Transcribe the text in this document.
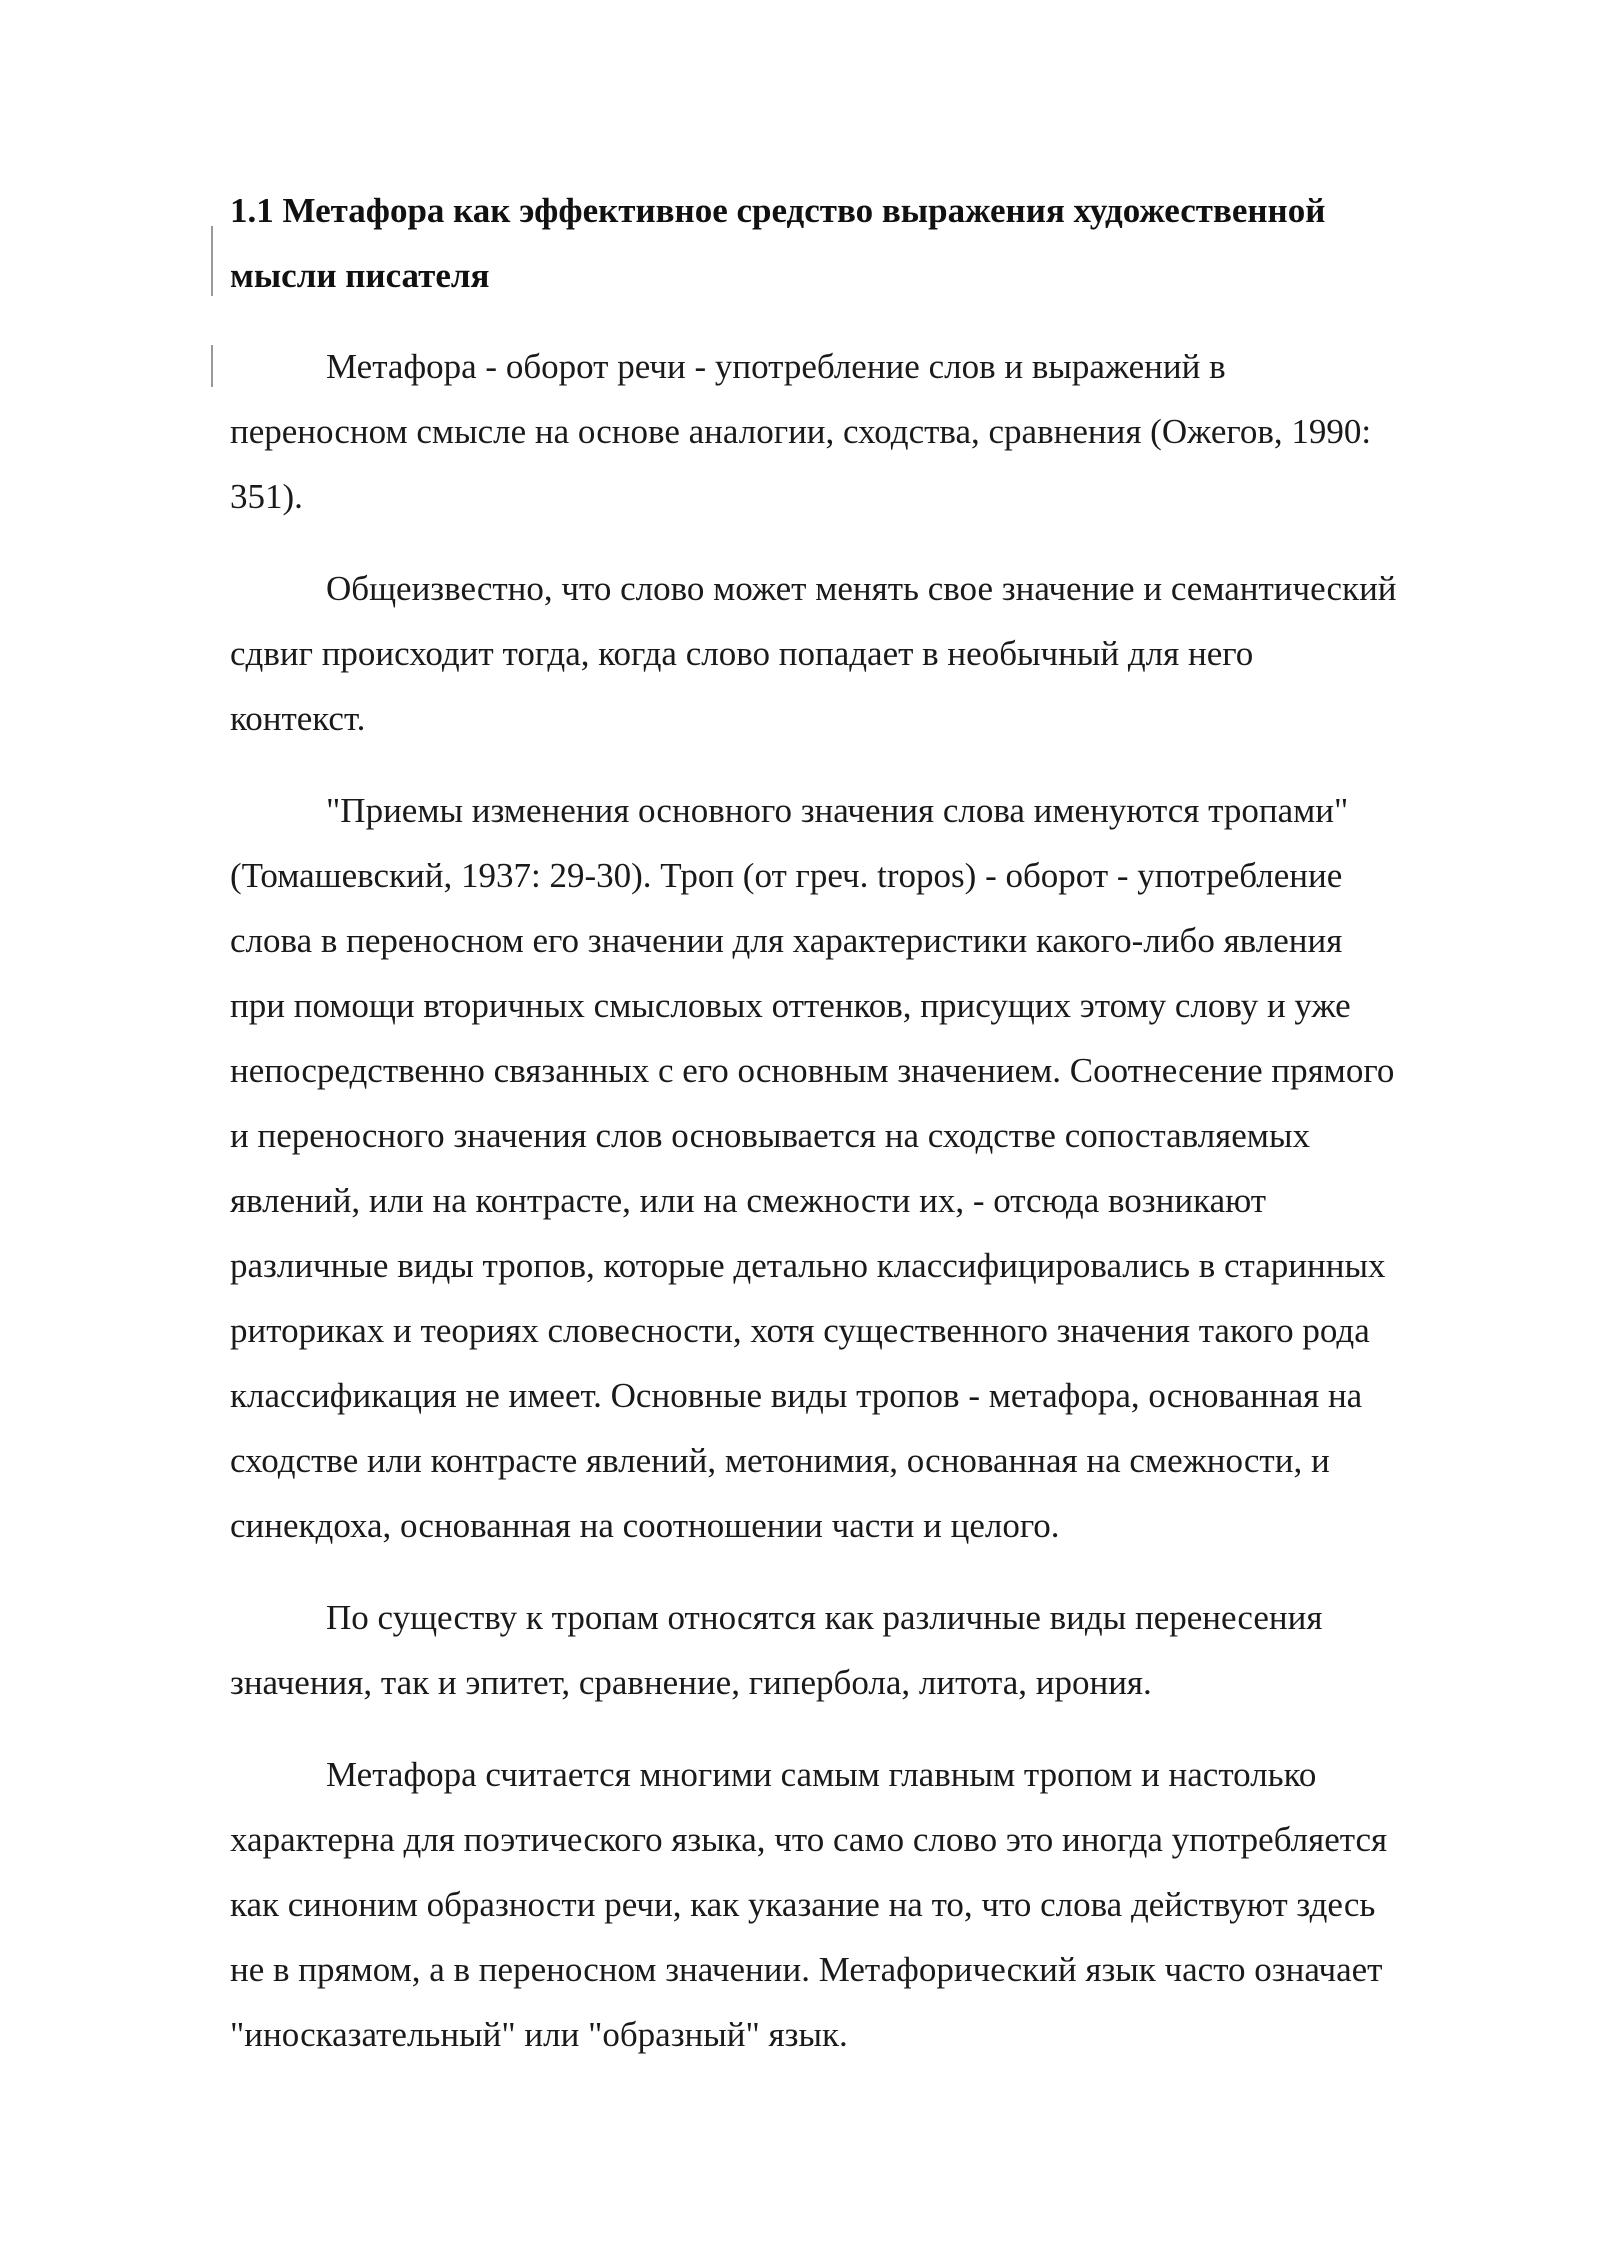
1.1 Метафора как эффективное средство выражения художественной
мысли писателя

Метафора - оборот речи - употребление слов и выражений в
переносном смысле на основе аналогии, сходства, сравнения (Ожегов, 1990:
351).

Общеизвестно, что слово может менять свое значение и семантический
сдвиг происходит тогда, когда слово попадает в необычный для него
контекст.

"Приемы изменения основного значения слова именуются тропами"
(Томашевский, 1937: 29-30). Троп (от греч. tropos) - оборот - употребление
слова в переносном его значении для характеристики какого-либо явления
при помощи вторичных смысловых оттенков, присущих этому слову и уже
непосредственно связанных с его основным значением. Соотнесение прямого
и переносного значения слов основывается на сходстве сопоставляемых
явлений, или на контрасте, или на смежности их, - отсюда возникают
различные виды тропов, которые детально классифицировались в старинных
риториках и теориях словесности, хотя существенного значения такого рода
классификация не имеет. Основные виды тропов - метафора, основанная на
сходстве или контрасте явлений, метонимия, основанная на смежности, и
синекдоха, основанная на соотношении части и целого.

По существу к тропам относятся как различные виды перенесения
значения, так и эпитет, сравнение, гипербола, литота, ирония.

Метафора считается многими самым главным тропом и настолько
характерна для поэтического языка, что само слово это иногда употребляется
как синоним образности речи, как указание на то, что слова действуют здесь
не в прямом, а в переносном значении. Метафорический язык часто означает
"иносказательный" или "образный" язык.
